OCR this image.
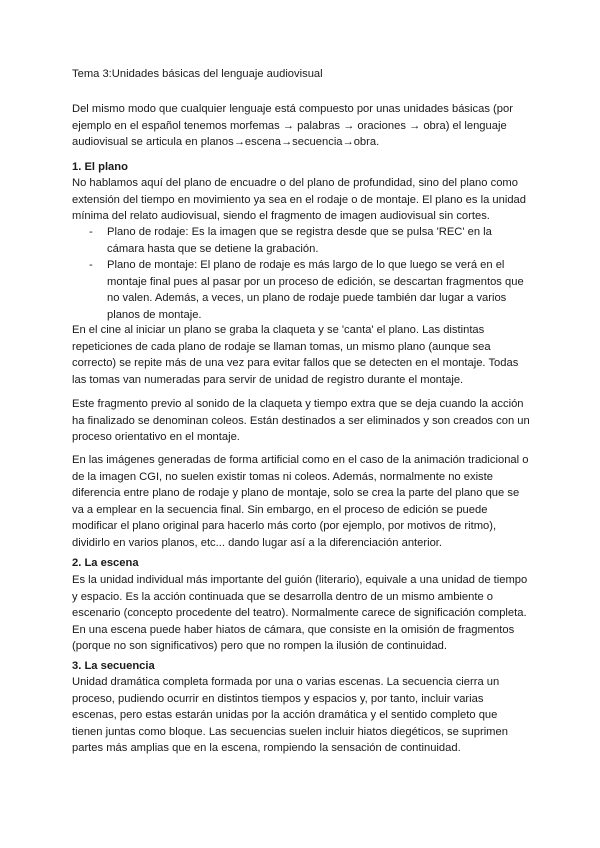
Tema 3:Unidades básicas del lenguaje audiovisual

Del mismo modo que cualquier lenguaje está compuesto por unas unidades básicas (por ejemplo en el español tenemos morfemas → palabras → oraciones → obra) el lenguaje audiovisual se articula en planos→escena→secuencia→obra.

1. El plano

No hablamos aquí del plano de encuadre o del plano de profundidad, sino del plano como extensión del tiempo en movimiento ya sea en el rodaje o de montaje. El plano es la unidad mínima del relato audiovisual, siendo el fragmento de imagen audiovisual sin cortes.

- Plano de rodaje: Es la imagen que se registra desde que se pulsa 'REC' en la cámara hasta que se detiene la grabación.
- Plano de montaje: El plano de rodaje es más largo de lo que luego se verá en el montaje final pues al pasar por un proceso de edición, se descartan fragmentos que no valen. Además, a veces, un plano de rodaje puede también dar lugar a varios planos de montaje.

En el cine al iniciar un plano se graba la claqueta y se 'canta' el plano. Las distintas repeticiones de cada plano de rodaje se llaman tomas, un mismo plano (aunque sea correcto) se repite más de una vez para evitar fallos que se detecten en el montaje. Todas las tomas van numeradas para servir de unidad de registro durante el montaje.

Este fragmento previo al sonido de la claqueta y tiempo extra que se deja cuando la acción ha finalizado se denominan coleos. Están destinados a ser eliminados y son creados con un proceso orientativo en el montaje.

En las imágenes generadas de forma artificial como en el caso de la animación tradicional o de la imagen CGI, no suelen existir tomas ni coleos. Además, normalmente no existe diferencia entre plano de rodaje y plano de montaje, solo se crea la parte del plano que se va a emplear en la secuencia final. Sin embargo, en el proceso de edición se puede modificar el plano original para hacerlo más corto (por ejemplo, por motivos de ritmo), dividirlo en varios planos, etc... dando lugar así a la diferenciación anterior.

2. La escena

Es la unidad individual más importante del guión (literario), equivale a una unidad de tiempo y espacio. Es la acción continuada que se desarrolla dentro de un mismo ambiente o escenario (concepto procedente del teatro). Normalmente carece de significación completa. En una escena puede haber hiatos de cámara, que consiste en la omisión de fragmentos (porque no son significativos) pero que no rompen la ilusión de continuidad.

3. La secuencia

Unidad dramática completa formada por una o varias escenas. La secuencia cierra un proceso, pudiendo ocurrir en distintos tiempos y espacios y, por tanto, incluir varias escenas, pero estas estarán unidas por la acción dramática y el sentido completo que tienen juntas como bloque. Las secuencias suelen incluir hiatos diegéticos, se suprimen partes más amplias que en la escena, rompiendo la sensación de continuidad.
